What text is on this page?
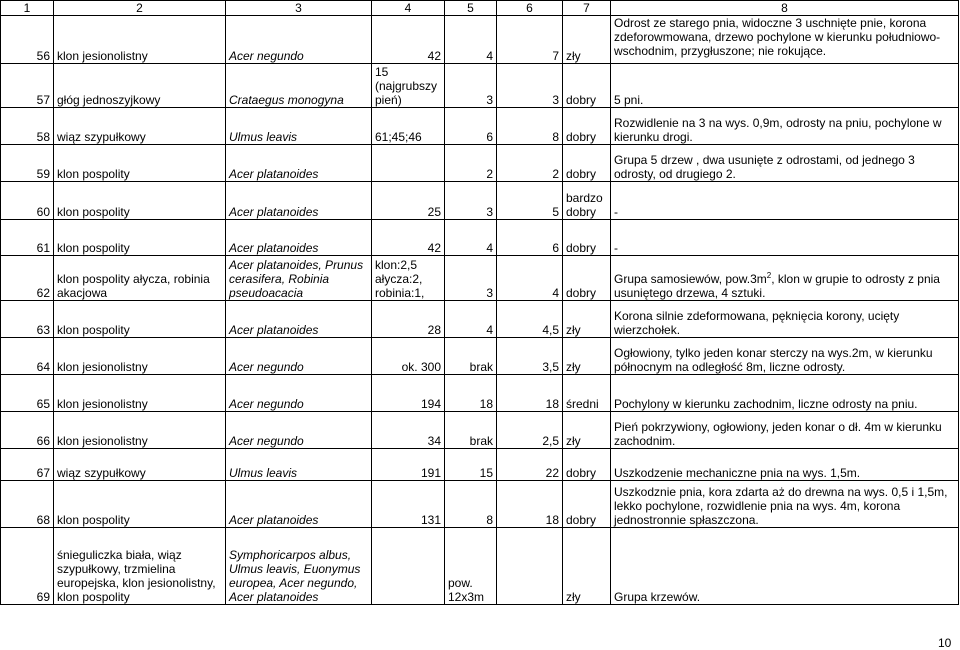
1	2	3	4	5	6	7	8
56	klon jesionolistny	Acer negundo	42	4	7	zły	Odrost ze starego pnia, widoczne 3 uschnięte pnie, korona zdeforowmowana, drzewo pochylone w kierunku południowo-wschodnim, przygłuszone; nie rokujące.
57	głóg jednoszyjkowy	Crataegus monogyna	15 (najgrubszy pień)	3	3	dobry	5 pni.
58	wiąz szypułkowy	Ulmus leavis	61;45;46	6	8	dobry	Rozwidlenie na 3 na wys. 0,9m, odrosty na pniu, pochylone w kierunku drogi.
59	klon pospolity	Acer platanoides		2	2	dobry	Grupa 5 drzew , dwa usunięte z odrostami, od jednego 3 odrosty, od drugiego 2.
60	klon pospolity	Acer platanoides	25	3	5	bardzo dobry	-
61	klon pospolity	Acer platanoides	42	4	6	dobry	-
62	klon pospolity ałycza, robinia akacjowa	Acer platanoides, Prunus cerasifera, Robinia pseudoacacia	klon:2,5 ałycza:2, robinia:1,	3	4	dobry	Grupa samosiewów, $pow.3m^2$, klon w grupie to odrosty z pnia usuniętego drzewa, 4 sztuki.
63	klon pospolity	Acer platanoides	28	4	4,5	zły	Korona silnie zdeformowana, pęknięcia korony, ucięty wierzchołek.
64	klon jesionolistny	Acer negundo	ok. 300	brak	3,5	zły	Ogłowiony, tylko jeden konar sterczy na wys.2m, w kierunku północnym na odległość 8m, liczne odrosty.
65	klon jesionolistny	Acer negundo	194	18	18	średni	Pochylony w kierunku zachodnim, liczne odrosty na pniu.
66	klon jesionolistny	Acer negundo	34	brak	2,5	zły	Pień pokrzywiony, ogłowiony, jeden konar o dł. 4m w kierunku zachodnim.
67	wiąz szypułkowy	Ulmus leavis	191	15	22	dobry	Uszkodzenie mechaniczne pnia na wys. 1,5m.
68	klon pospolity	Acer platanoides	131	8	18	dobry	Uszkodznie pnia, kora zdarta aż do drewna na wys. 0,5 i 1,5m, lekko pochylone, rozwidlenie pnia na wys. 4m, korona jednostronnie spłaszczona.
69	śnieguliczka biała, wiąz szypułkowy, trzmielina europejska, klon jesionolistny, klon pospolity	Symphoricarpos albus, Ulmus leavis, Euonymus europea, Acer negundo, Acer platanoides		pow. 12x3m		zły	Grupa krzewów.
10
